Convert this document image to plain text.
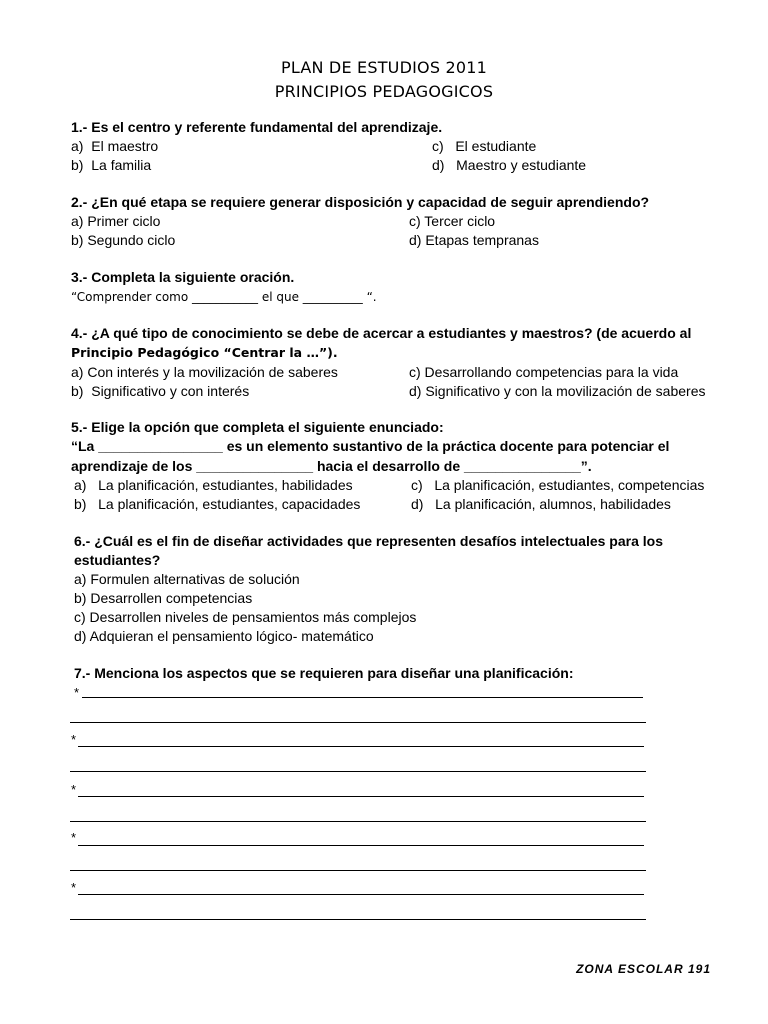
PLAN DE ESTUDIOS 2011
PRINCIPIOS PEDAGOGICOS
1.- Es el centro y referente fundamental del aprendizaje.
a)  El maestro
b)  La familia
c)   El estudiante
d)   Maestro y estudiante
2.- ¿En qué etapa se requiere generar disposición y capacidad de seguir aprendiendo?
a) Primer ciclo
b) Segundo ciclo
c) Tercer ciclo
d) Etapas tempranas
3.- Completa la siguiente oración.
“Comprender como ___________ el que __________ “.
4.- ¿A qué tipo de conocimiento se debe de acercar a estudiantes y maestros? (de acuerdo al
Principio Pedagógico “Centrar la …”).
a) Con interés y la movilización de saberes
b)  Significativo y con interés
c) Desarrollando competencias para la vida
d) Significativo y con la movilización de saberes
5.- Elige la opción que completa el siguiente enunciado:
“La ________________ es un elemento sustantivo de la práctica docente para potenciar el
aprendizaje de los _______________ hacia el desarrollo de _______________”.
a)   La planificación, estudiantes, habilidades
b)   La planificación, estudiantes, capacidades
c)   La planificación, estudiantes, competencias
d)   La planificación, alumnos, habilidades
6.- ¿Cuál es el fin de diseñar actividades que representen desafíos intelectuales para los
estudiantes?
a) Formulen alternativas de solución
b) Desarrollen competencias
c) Desarrollen niveles de pensamientos más complejos
d) Adquieran el pensamiento lógico- matemático
7.- Menciona los aspectos que se requieren para diseñar una planificación:
*
*
*
*
*
ZONA ESCOLAR 191
